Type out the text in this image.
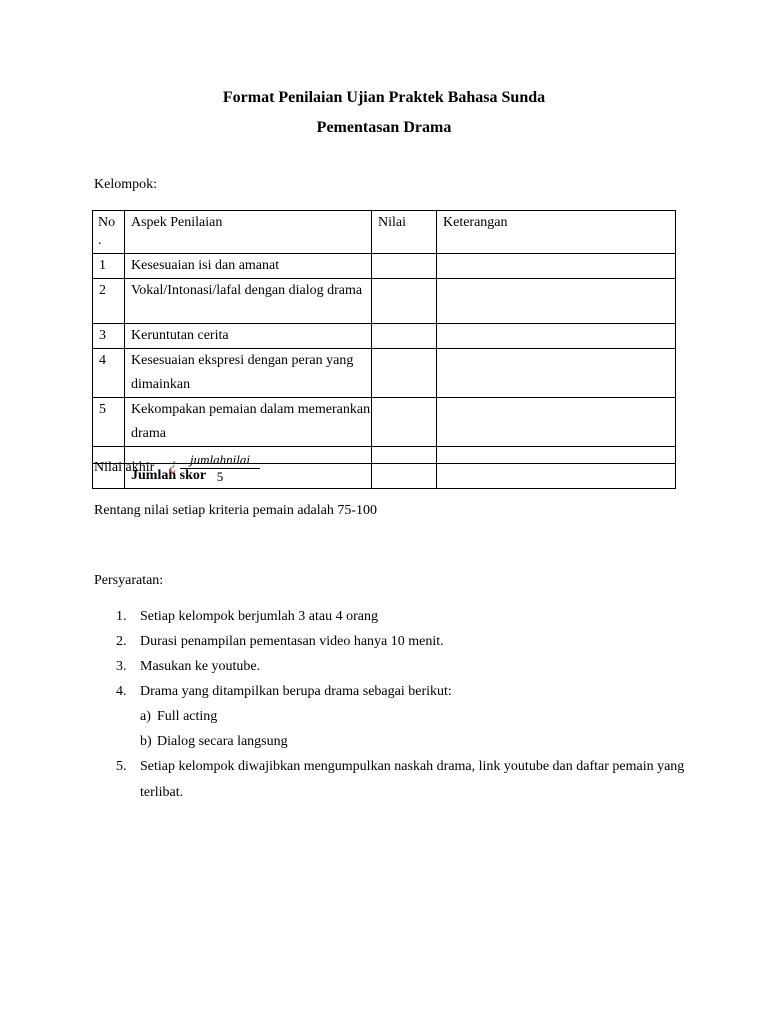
Format Penilaian Ujian Praktek Bahasa Sunda
Pementasan Drama
Kelompok:
No
.	Aspek Penilaian	Nilai	Keterangan
1	Kesesuaian isi dan amanat		
2	Vokal/Intonasi/lafal dengan dialog drama		
3	Keruntutan cerita		
4	Kesesuaian ekspresi dengan peran yang dimainkan		
5	Kekompakan pemaian dalam memerankan drama		

	Jumlah skor		
Nilai akhir ¿	jumlahnilai
5
Rentang nilai setiap kriteria pemain adalah 75-100
Persyaratan:
1. Setiap kelompok berjumlah 3 atau 4 orang
2. Durasi penampilan pementasan video hanya 10 menit.
3. Masukan ke youtube.
4. Drama yang ditampilkan berupa drama sebagai berikut:
a) Full acting
b) Dialog secara langsung
5. Setiap kelompok diwajibkan mengumpulkan naskah drama, link youtube dan daftar pemain yang terlibat.
